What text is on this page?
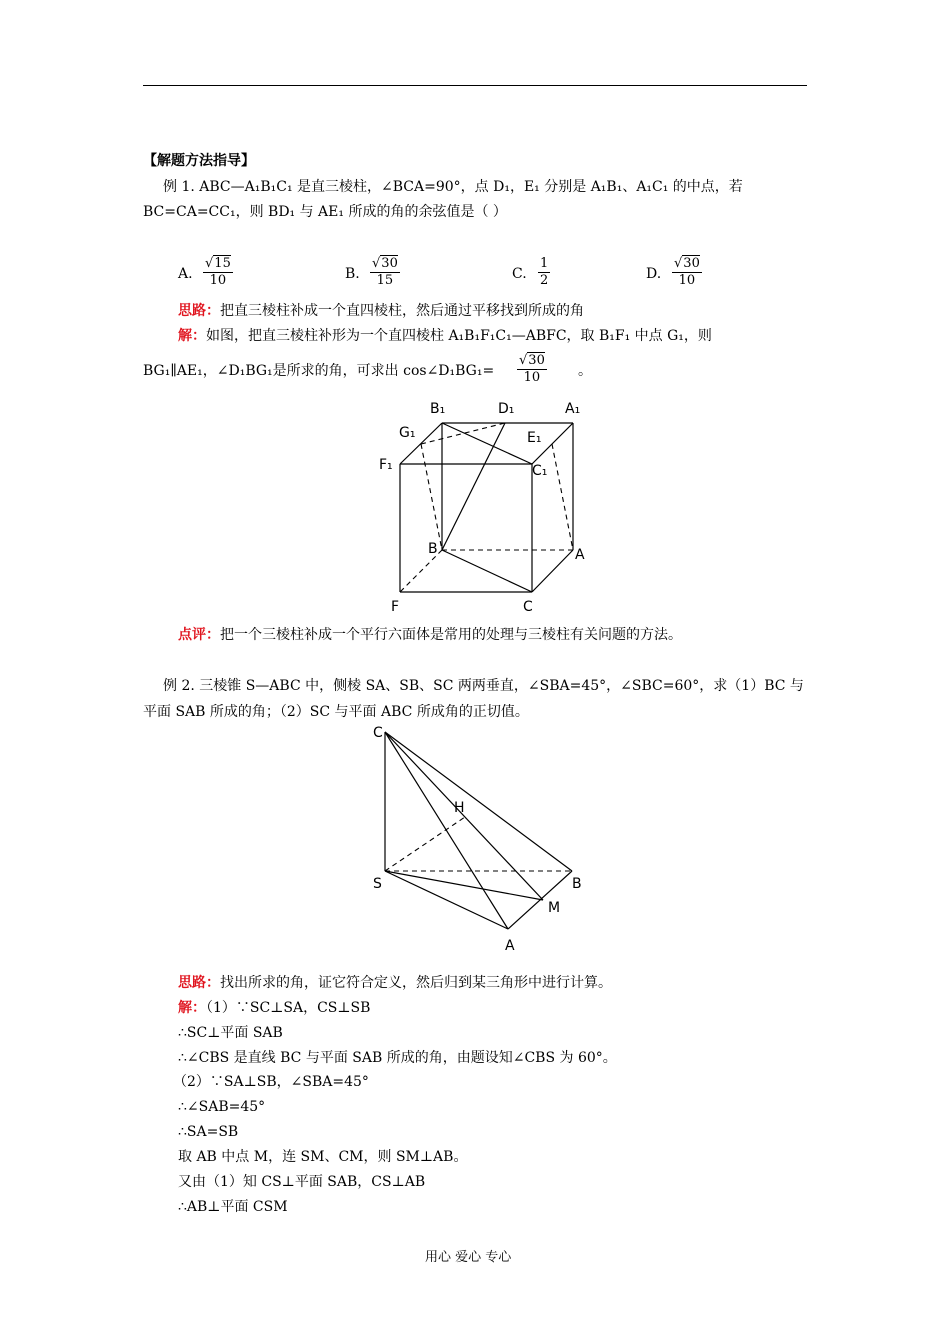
【解题方法指导】
例 1. ABC—A₁B₁C₁ 是直三棱柱，∠BCA=90°，点 D₁，E₁ 分别是 A₁B₁、A₁C₁ 的中点，若
BC=CA=CC₁，则 BD₁ 与 AE₁ 所成的角的余弦值是（ ）
A. $\frac{√15}{10}$	B. $\frac{√30}{15}$	C. $\frac{1}{2}$	D. $\frac{√30}{10}$
思路：把直三棱柱补成一个直四棱柱，然后通过平移找到所成的角
解：如图，把直三棱柱补形为一个直四棱柱 A₁B₁F₁C₁—ABFC，取 B₁F₁ 中点 G₁，则
BG₁∥AE₁，∠D₁BG₁是所求的角，可求出 cos∠D₁BG₁= $\frac{√30}{10}$ 。
B₁	D₁	A₁
G₁	E₁
F₁	C₁
B	A
F	C
点评：把一个三棱柱补成一个平行六面体是常用的处理与三棱柱有关问题的方法。
例 2. 三棱锥 S—ABC 中，侧棱 SA、SB、SC 两两垂直，∠SBA=45°，∠SBC=60°，求（1）BC 与
平面 SAB 所成的角；（2）SC 与平面 ABC 所成角的正切值。
C
H
S	B
M
A
思路：找出所求的角，证它符合定义，然后归到某三角形中进行计算。
解：（1）∵SC⊥SA，CS⊥SB
∴SC⊥平面 SAB
∴∠CBS 是直线 BC 与平面 SAB 所成的角，由题设知∠CBS 为 60°。
（2）∵SA⊥SB，∠SBA=45°
∴∠SAB=45°
∴SA=SB
取 AB 中点 M，连 SM、CM，则 SM⊥AB。
又由（1）知 CS⊥平面 SAB，CS⊥AB
∴AB⊥平面 CSM
用心 爱心 专心
